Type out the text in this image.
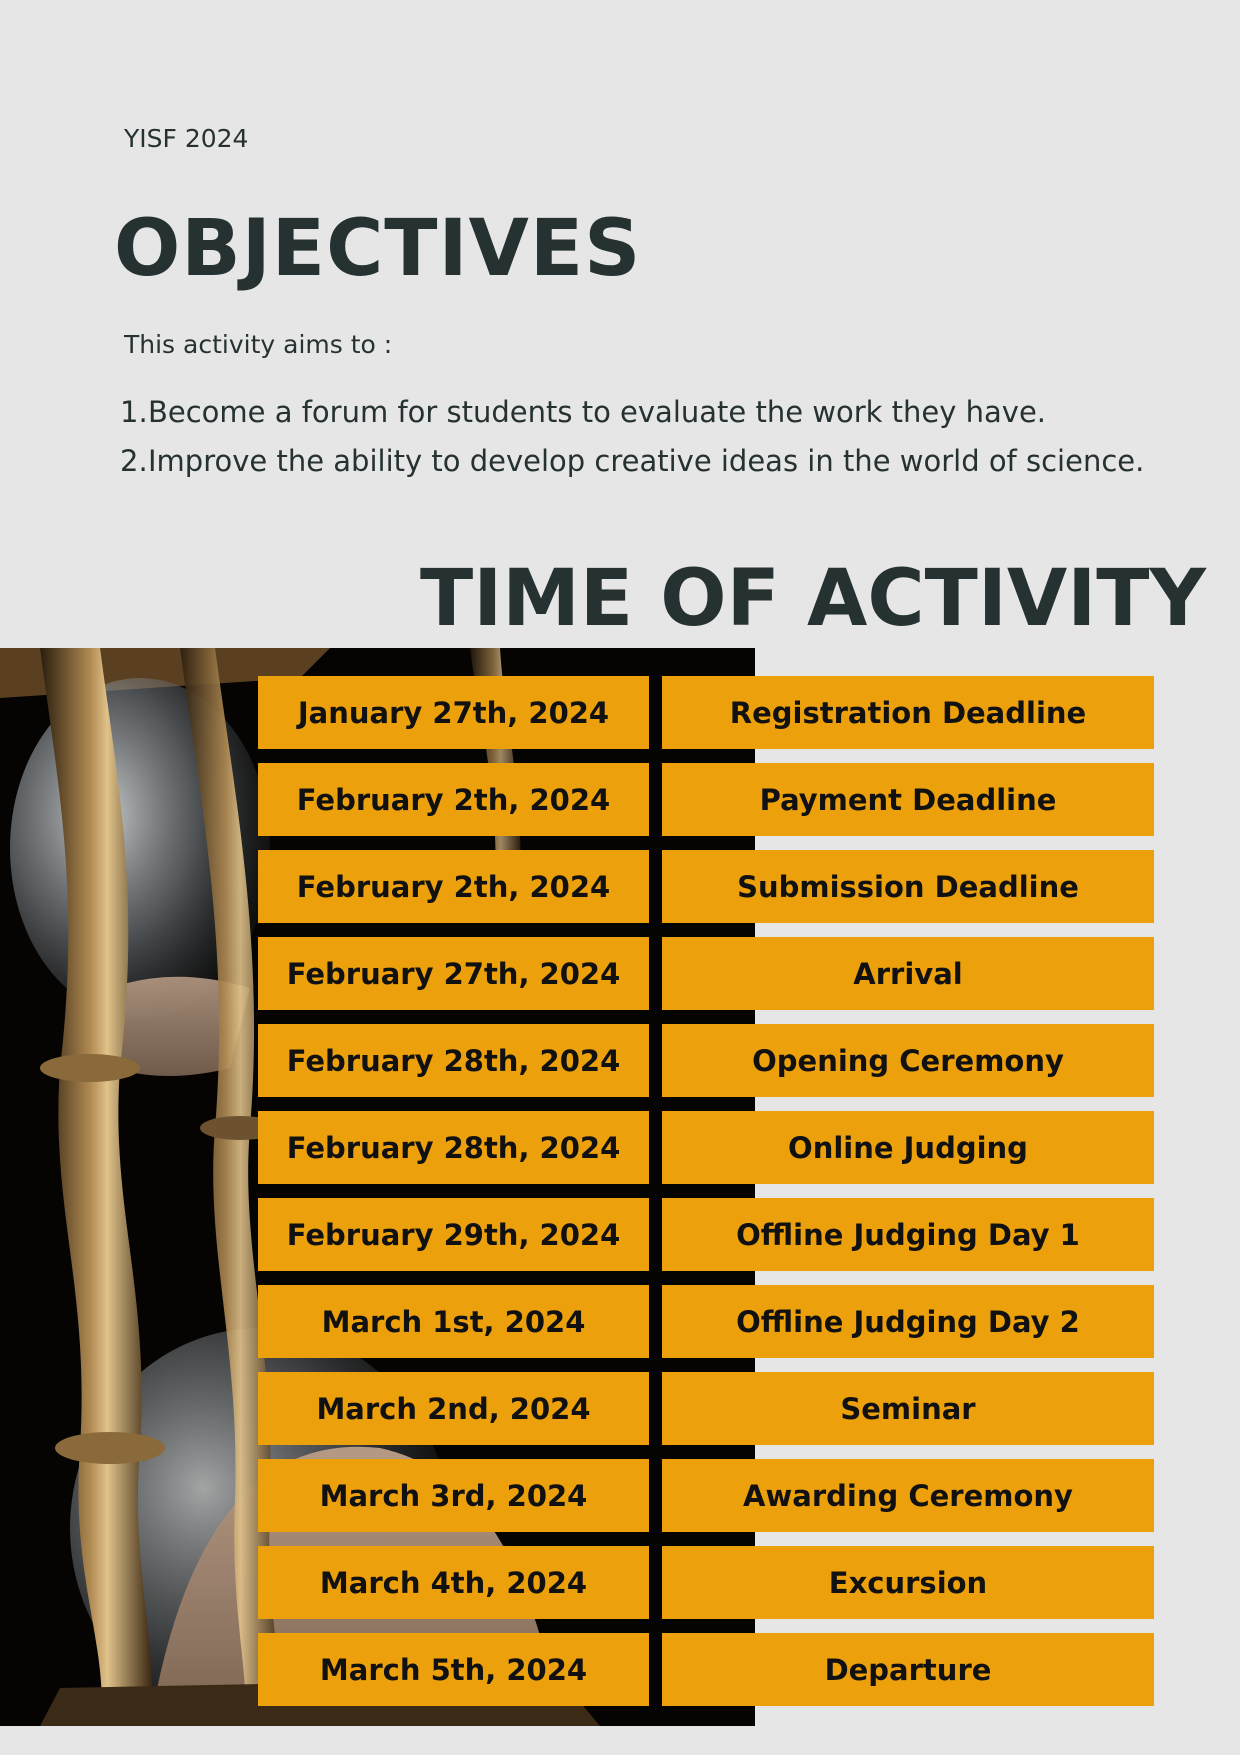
YISF 2024
OBJECTIVES
This activity aims to :
1.Become a forum for students to evaluate the work they have.
2.Improve the ability to develop creative ideas in the world of science.
TIME OF ACTIVITY
January 27th, 2024	Registration Deadline
February 2th, 2024	Payment Deadline
February 2th, 2024	Submission Deadline
February 27th, 2024	Arrival
February 28th, 2024	Opening Ceremony
February 28th, 2024	Online Judging
February 29th, 2024	Offline Judging Day 1
March 1st, 2024	Offline Judging Day 2
March 2nd, 2024	Seminar
March 3rd, 2024	Awarding Ceremony
March 4th, 2024	Excursion
March 5th, 2024	Departure
